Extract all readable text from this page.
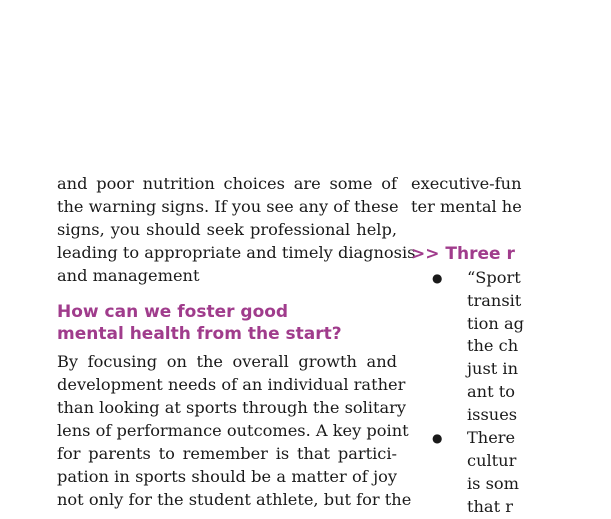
and poor nutrition choices are some of
the warning signs. If you see any of these
signs, you should seek professional help,
leading to appropriate and timely diagnosis
and management
How can we foster good
mental health from the start?
By focusing on the overall growth and
development needs of an individual rather
than looking at sports through the solitary
lens of performance outcomes. A key point
for parents to remember is that partici-
pation in sports should be a matter of joy
not only for the student athlete, but for the
executive-fun
ter mental he
>> Three r
● “Sport
transit
tion ag
the ch
just in
ant to
issues
● There
cultur
is som
that r
